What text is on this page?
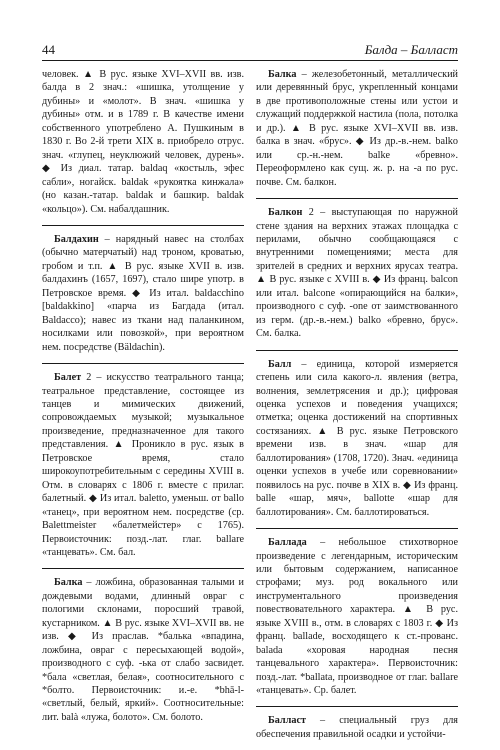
44	Балда – Балласт

человек. ▲ В рус. языке XVI–XVII вв. изв. балда в 2 знач.: «шишка, утолщение у дубины» и «молот». В знач. «шишка у дубины» отм. и в 1789 г. В качестве имени собственного употреблено А. Пушкиным в 1830 г. Во 2-й трети XIX в. приобрело отрус. знач. «глупец, неуклюжий человек, дурень». ◆ Из диал. татар. baldaq «костыль, эфес сабли», ногайск. baldak «рукоятка кинжала» (но казан.-татар. baldak и башкир. baldak «кольцо»). См. набалдашник.

Балдахин – нарядный навес на столбах (обычно матерчатый) над троном, кроватью, гробом и т.п. ▲ В рус. языке XVII в. изв. балдахинъ (1657, 1697), стало шире употр. в Петровское время. ◆ Из итал. baldacchino [baldakkino] «парча из Багдада (итал. Baldacco); навес из ткани над паланкином, носилками или повозкой», при вероятном нем. посредстве (Bäldachin).

Балет 2 – искусство театрального танца; театральное представление, состоящее из танцев и мимических движений, сопровождаемых музыкой; музыкальное произведение, предназначенное для такого представления. ▲ Проникло в рус. язык в Петровское время, стало широкоупотребительным с середины XVIII в. Отм. в словарях с 1806 г. вместе с прилаг. балетный. ◆ Из итал. baletto, уменьш. от ballo «танец», при вероятном нем. посредстве (ср. Balettmeister «балетмейстер» с 1765). Первоисточник: позд.-лат. глаг. ballare «танцевать». См. бал.

Балка – ложбина, образованная талыми и дождевыми водами, длинный овраг с пологими склонами, поросший травой, кустарником. ▲ В рус. языке XVI–XVII вв. не изв. ◆ Из праслав. *балька «впадина, ложбина, овраг с пересыхающей водой», производного с суф. -ька от слабо засвидет. *бала «светлая, белая», соотносительного с *болто. Первоисточник: и.-е. *bhā-l- «светлый, белый, яркий». Соотносительные: лит. balà «лужа, болото». См. болото.

Балка – железобетонный, металлический или деревянный брус, укрепленный концами в две противоположные стены или устои и служащий поддержкой настила (пола, потолка и др.). ▲ В рус. языке XVI–XVII вв. изв. балка в знач. «брус». ◆ Из др.-в.-нем. balko или ср.-н.-нем. balke «бревно». Переоформлено как сущ. ж. р. на -а по рус. почве. См. балкон.

Балкон 2 – выступающая по наружной стене здания на верхних этажах площадка с перилами, обычно сообщающаяся с внутренними помещениями; места для зрителей в средних и верхних ярусах театра. ▲ В рус. языке с XVIII в. ◆ Из франц. balcon или итал. balcone «опирающийся на балки», производного с суф. -one от заимствованного из герм. (др.-в.-нем.) balko «бревно, брус». См. балка.

Балл – единица, которой измеряется степень или сила какого-л. явления (ветра, волнения, землетрясения и др.); цифровая оценка успехов и поведения учащихся; отметка; оценка достижений на спортивных состязаниях. ▲ В рус. языке Петровского времени изв. в знач. «шар для баллотирования» (1708, 1720). Знач. «единица оценки успехов в учебе или соревновании» появилось на рус. почве в XIX в. ◆ Из франц. balle «шар, мяч», ballotte «шар для баллотирования». См. баллотироваться.

Баллада – небольшое стихотворное произведение с легендарным, историческим или бытовым содержанием, написанное строфами; муз. род вокального или инструментального произведения повествовательного характера. ▲ В рус. языке XVIII в., отм. в словарях с 1803 г. ◆ Из франц. ballade, восходящего к ст.-прованс. balada «хоровая народная песня танцевального характера». Первоисточник: позд.-лат. *ballata, производное от глаг. ballare «танцевать». Ср. балет.

Балласт – специальный груз для обеспечения правильной осадки и устойчи-
